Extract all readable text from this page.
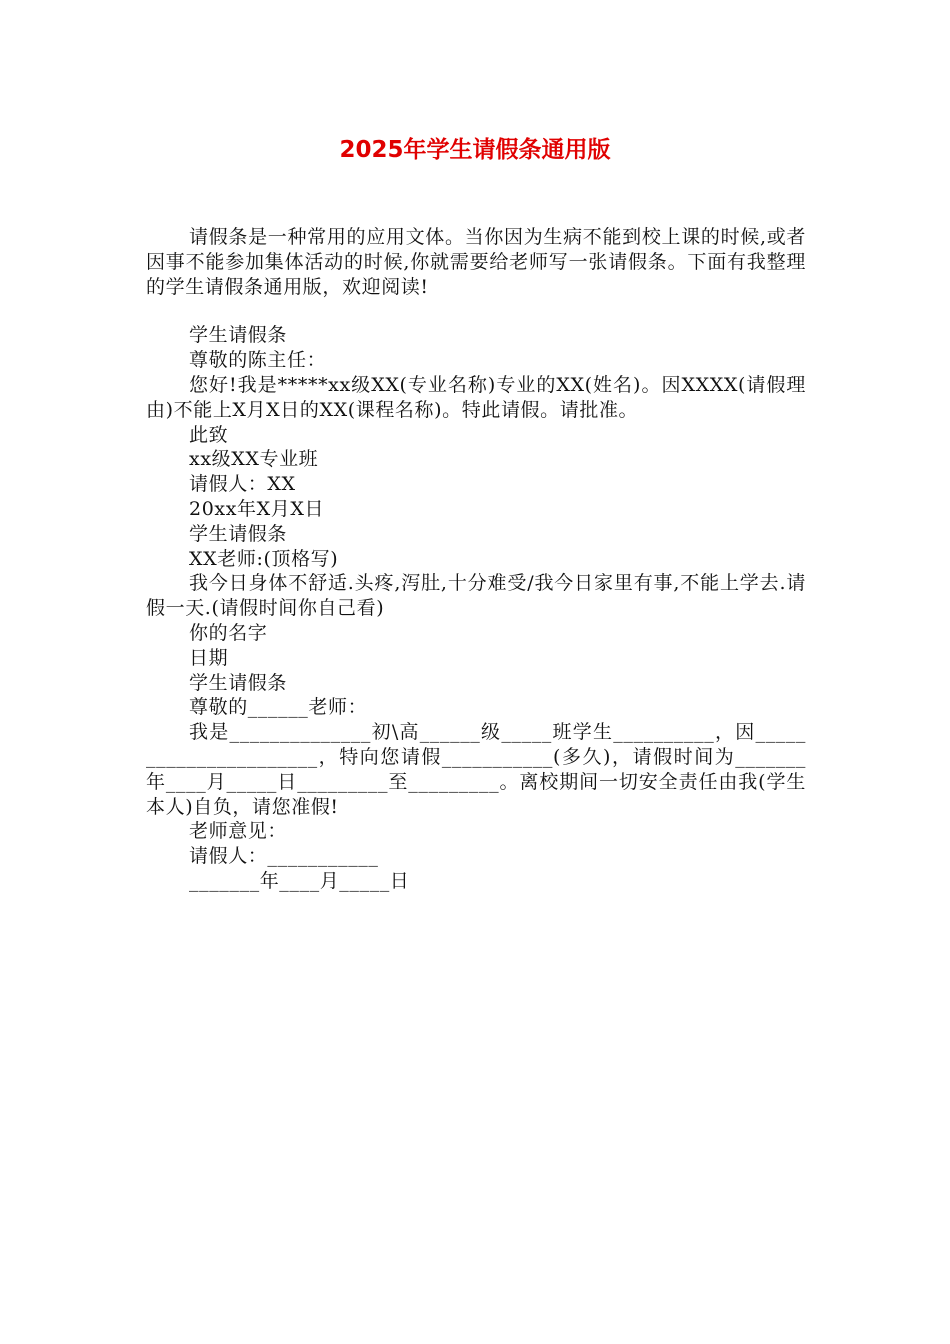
2025年学生请假条通用版

请假条是一种常用的应用文体。当你因为生病不能到校上课的时候,或者因事不能参加集体活动的时候,你就需要给老师写一张请假条。下面有我整理的学生请假条通用版，欢迎阅读!

学生请假条

尊敬的陈主任：

您好!我是*****xx级XX(专业名称)专业的XX(姓名)。因XXXX(请假理由)不能上X月X日的XX(课程名称)。特此请假。请批准。

此致

xx级XX专业班

请假人：XX

20xx年X月X日

学生请假条

XX老师:(顶格写)

我今日身体不舒适.头疼,泻肚,十分难受/我今日家里有事,不能上学去.请假一天.(请假时间你自己看)

你的名字

日期

学生请假条

尊敬的______老师：

我是______________初\高______级_____班学生__________，因______________________，特向您请假___________(多久)，请假时间为_______年____月_____日_________至_________。离校期间一切安全责任由我(学生本人)自负，请您准假!

老师意见：

请假人：___________

_______年____月_____日
